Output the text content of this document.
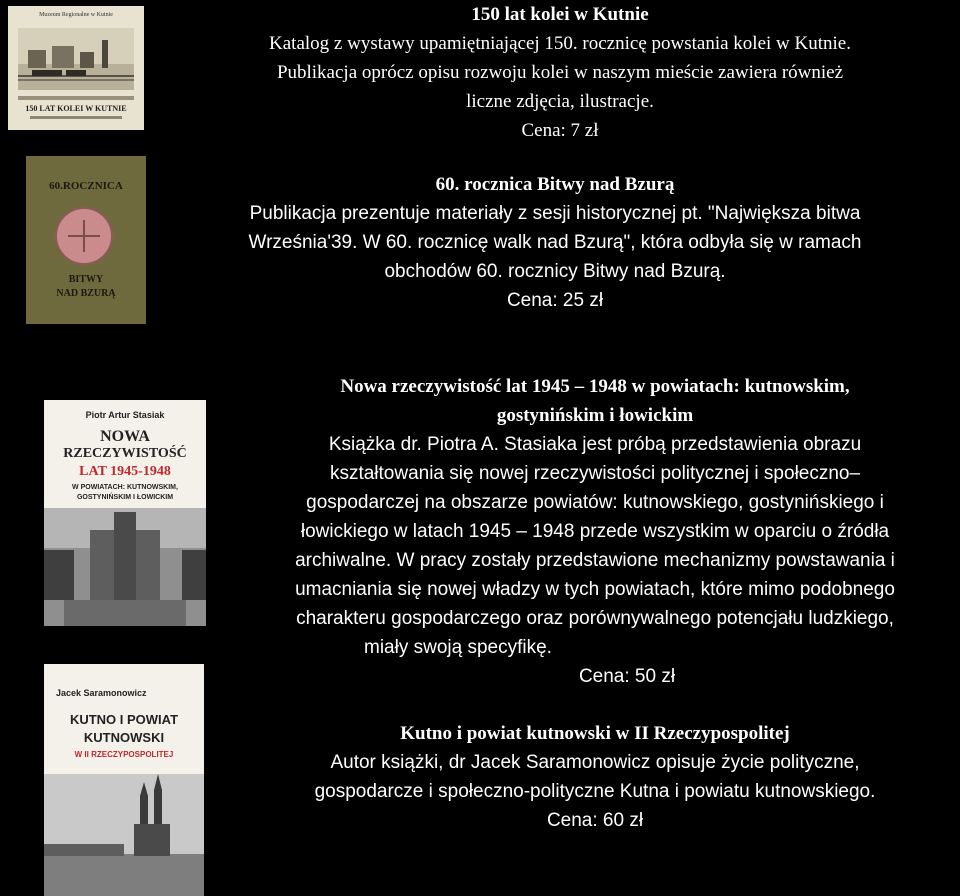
Muzeum Regionalne w Kutnie
150 LAT KOLEI W KUTNIE
150 lat kolei w Kutnie
Katalog z wystawy upamiętniającej 150. rocznicę powstania kolei w Kutnie.
Publikacja oprócz opisu rozwoju kolei w naszym mieście zawiera również
liczne zdjęcia, ilustracje.
Cena: 7 zł
60.ROCZNICA
BITWY
NAD BZURĄ
60. rocznica Bitwy nad Bzurą
Publikacja prezentuje materiały z sesji historycznej pt. "Największa bitwa
Września'39. W 60. rocznicę walk nad Bzurą", która odbyła się w ramach
obchodów 60. rocznicy Bitwy nad Bzurą.
Cena: 25 zł
Piotr Artur Stasiak
NOWA
RZECZYWISTOŚĆ
LAT 1945-1948
W POWIATACH: KUTNOWSKIM,
GOSTYNIŃSKIM I ŁOWICKIM
Nowa rzeczywistość lat 1945 – 1948 w powiatach: kutnowskim,
gostynińskim i łowickim
Książka dr. Piotra A. Stasiaka jest próbą przedstawienia obrazu
kształtowania się nowej rzeczywistości politycznej i społeczno–
gospodarczej na obszarze powiatów: kutnowskiego, gostynińskiego i
łowickiego w latach 1945 – 1948 przede wszystkim w oparciu o źródła
archiwalne. W pracy zostały przedstawione mechanizmy powstawania i
umacniania się nowej władzy w tych powiatach, które mimo podobnego
charakteru gospodarczego oraz porównywalnego potencjału ludzkiego,
miały swoją specyfikę.
Cena: 50 zł
Jacek Saramonowicz
KUTNO I POWIAT
KUTNOWSKI
W II RZECZYPOSPOLITEJ
Kutno i powiat kutnowski w II Rzeczypospolitej
Autor książki, dr Jacek Saramonowicz opisuje życie polityczne,
gospodarcze i społeczno-polityczne Kutna i powiatu kutnowskiego.
Cena: 60 zł
